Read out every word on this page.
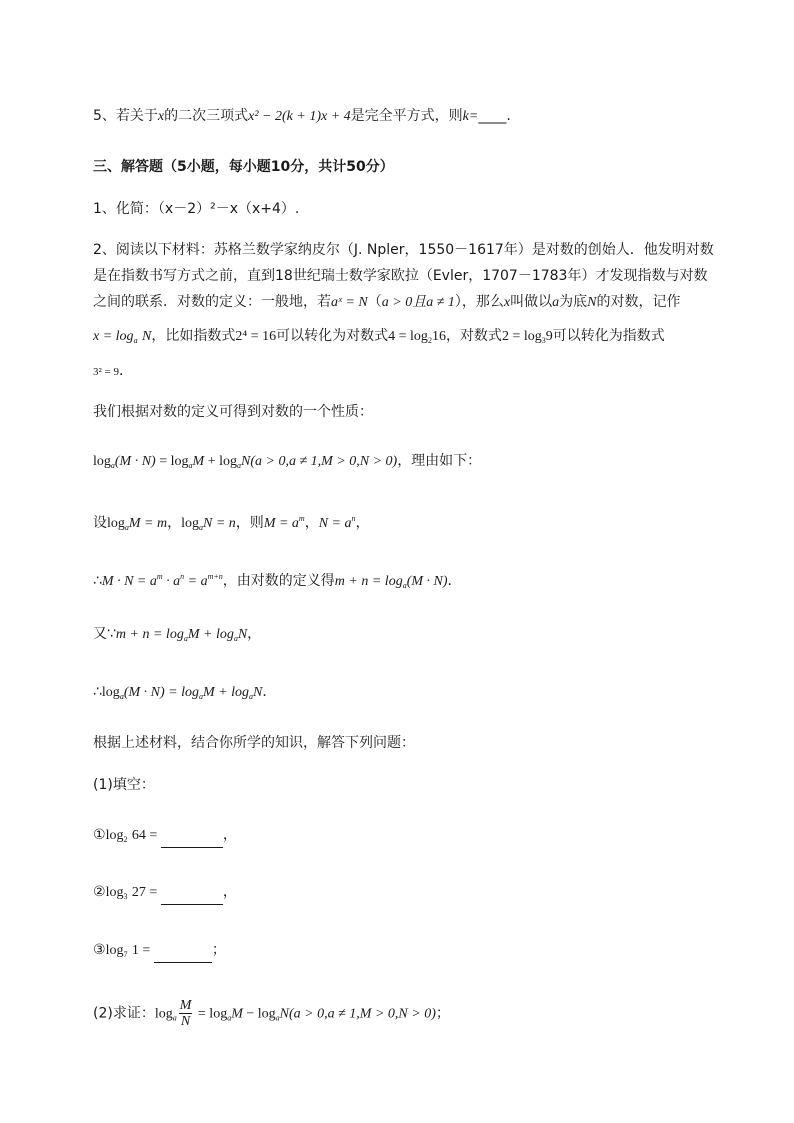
5、若关于x的二次三项式x² − 2(k + 1)x + 4是完全平方式，则k=____.
三、解答题（5小题，每小题10分，共计50分）
1、化简：（x－2）²－x（x+4）.
2、阅读以下材料：苏格兰数学家纳皮尔（J. Npler，1550－1617年）是对数的创始人．他发明对数
是在指数书写方式之前，直到18世纪瑞士数学家欧拉（Evler，1707－1783年）才发现指数与对数
之间的联系．对数的定义：一般地，若aˣ = N（a > 0且a ≠ 1），那么x叫做以a为底N的对数，记作
$x = \log_a N$，比如指数式2⁴ = 16可以转化为对数式$4 = \log_216$，对数式$2 = \log_39$可以转化为指数式
3² = 9．
我们根据对数的定义可得到对数的一个性质：
$\log_a(M \cdot N) = \log_aM + \log_aN(a > 0,a \ne 1,M > 0,N > 0)$，理由如下：
设$\log_aM = m$，$\log_aN = n$，则$M = a^m$，$N = a^n$，
∴M · $N = a^m \cdot a^n = a^{m+n}$，由对数的定义得$m + n = \log_a(M \cdot N)$．
又∵m + $n = \log_aM + \log_aN$，
$\therefore\log_a(M \cdot N) = \log_aM + \log_aN$．
根据上述材料，结合你所学的知识，解答下列问题：
(1)填空：
$①\log_2$ 64 =	，
$②\log_3$ 27 =	，
$③\log_7$ 1 =	；
(2)求证：$\log_a \frac{M}{N} = \log_aM - \log_aN(a > 0,a \ne 1,M > 0,N > 0)$；
